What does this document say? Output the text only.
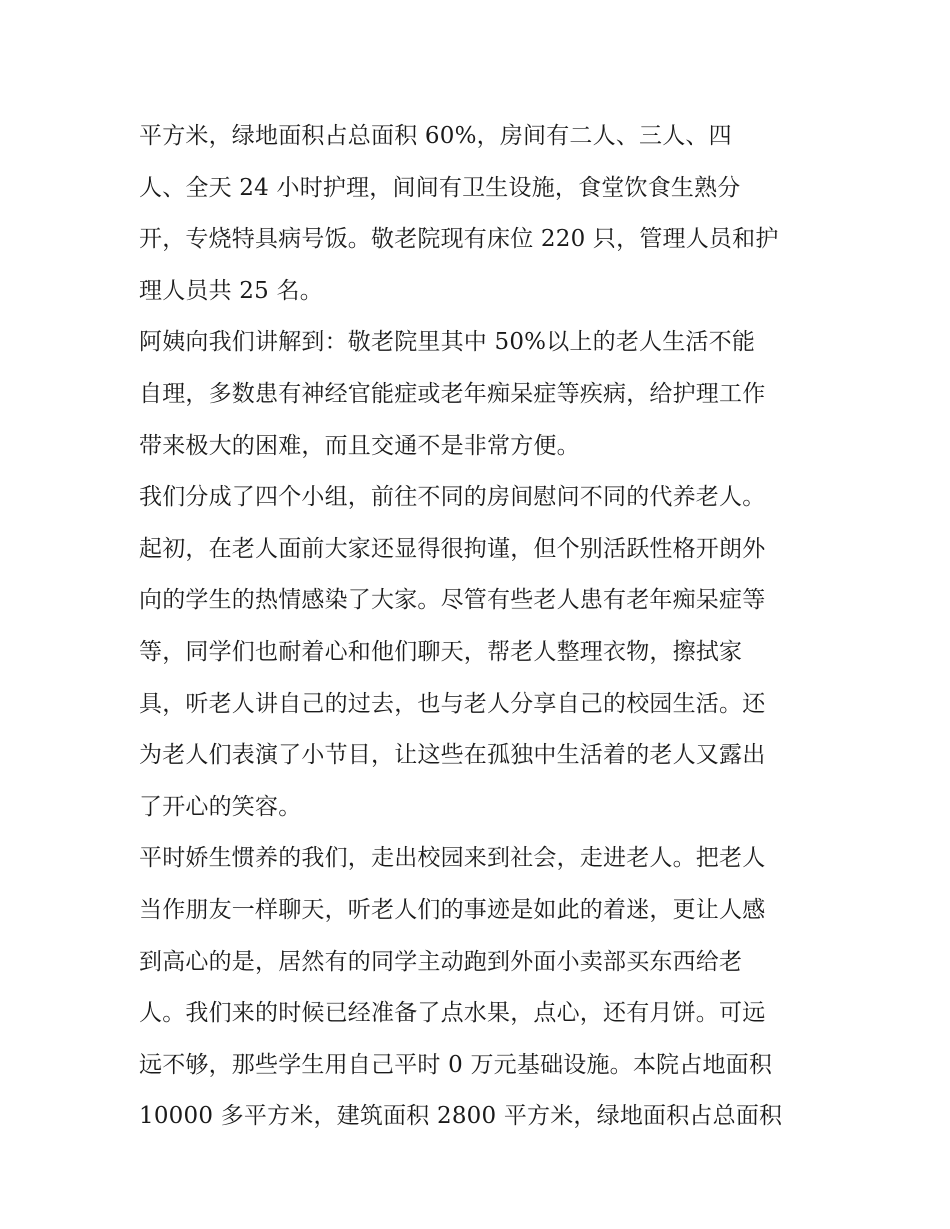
平方米，绿地面积占总面积 60%，房间有二人、三人、四
人、全天 24 小时护理，间间有卫生设施，食堂饮食生熟分
开，专烧特具病号饭。敬老院现有床位 220 只，管理人员和护
理人员共 25 名。
阿姨向我们讲解到：敬老院里其中 50%以上的老人生活不能
自理，多数患有神经官能症或老年痴呆症等疾病，给护理工作
带来极大的困难，而且交通不是非常方便。
我们分成了四个小组，前往不同的房间慰问不同的代养老人。
起初，在老人面前大家还显得很拘谨，但个别活跃性格开朗外
向的学生的热情感染了大家。尽管有些老人患有老年痴呆症等
等，同学们也耐着心和他们聊天，帮老人整理衣物，擦拭家
具，听老人讲自己的过去，也与老人分享自己的校园生活。还
为老人们表演了小节目，让这些在孤独中生活着的老人又露出
了开心的笑容。
平时娇生惯养的我们，走出校园来到社会，走进老人。把老人
当作朋友一样聊天，听老人们的事迹是如此的着迷，更让人感
到高心的是，居然有的同学主动跑到外面小卖部买东西给老
人。我们来的时候已经准备了点水果，点心，还有月饼。可远
远不够，那些学生用自己平时 0 万元基础设施。本院占地面积
10000 多平方米，建筑面积 2800 平方米，绿地面积占总面积
